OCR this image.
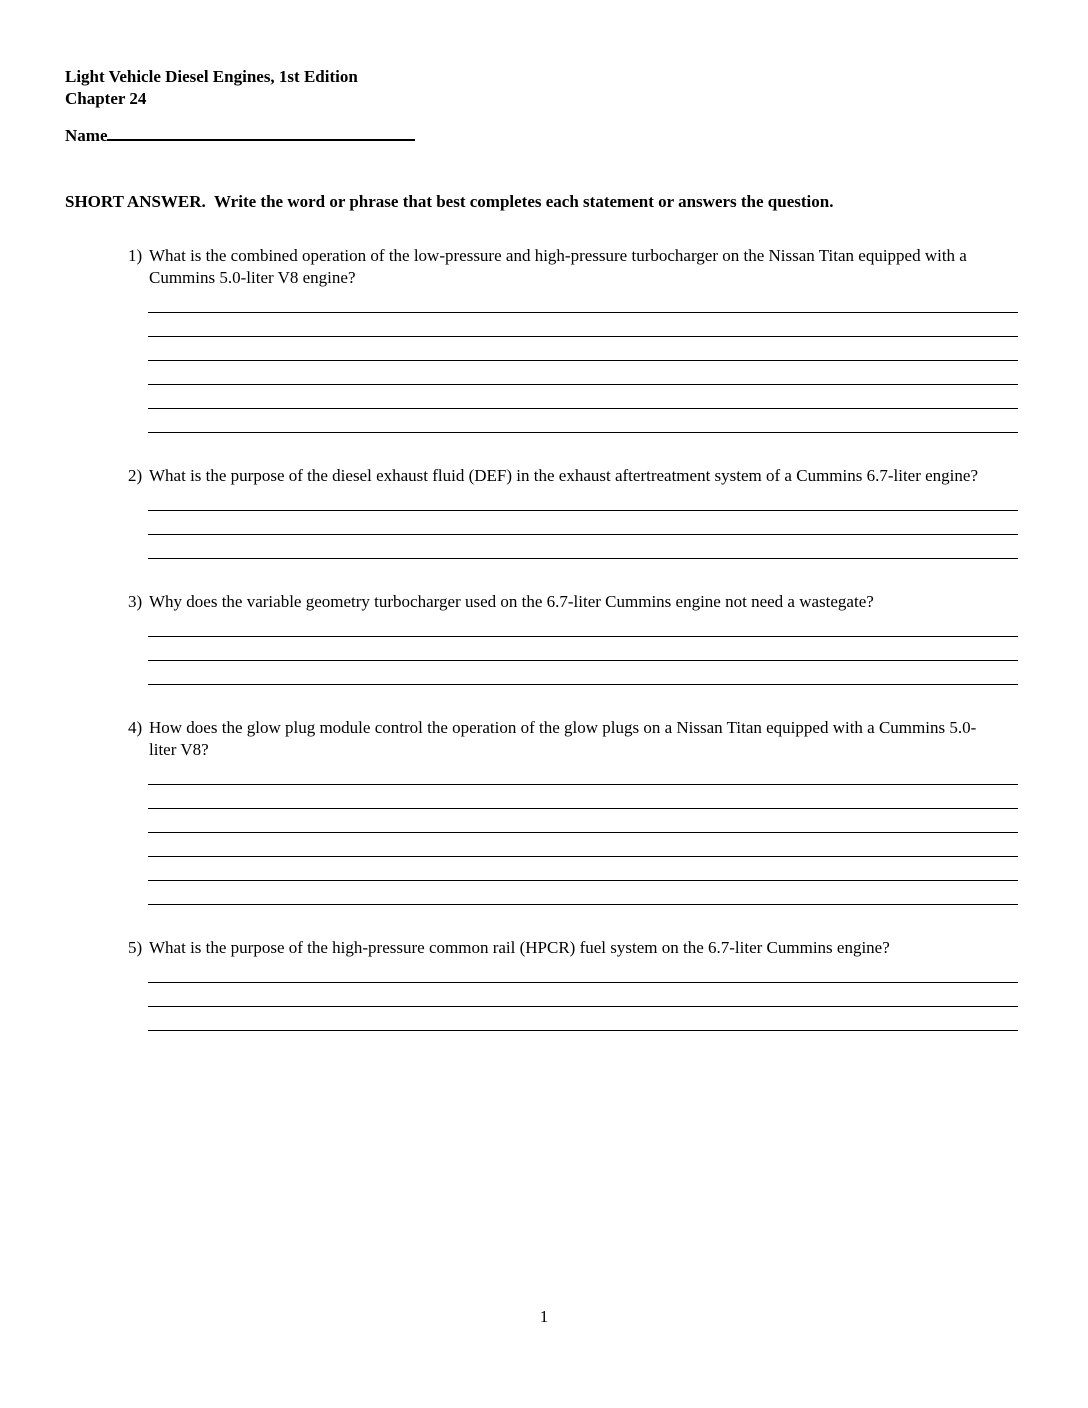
Light Vehicle Diesel Engines, 1st Edition
Chapter 24
Name
SHORT ANSWER.  Write the word or phrase that best completes each statement or answers the question.
1) What is the combined operation of the low-pressure and high-pressure turbocharger on the Nissan Titan equipped with a Cummins 5.0-liter V8 engine?
2) What is the purpose of the diesel exhaust fluid (DEF) in the exhaust aftertreatment system of a Cummins 6.7-liter engine?
3) Why does the variable geometry turbocharger used on the 6.7-liter Cummins engine not need a wastegate?
4) How does the glow plug module control the operation of the glow plugs on a Nissan Titan equipped with a Cummins 5.0-liter V8?
5) What is the purpose of the high-pressure common rail (HPCR) fuel system on the 6.7-liter Cummins engine?
1
